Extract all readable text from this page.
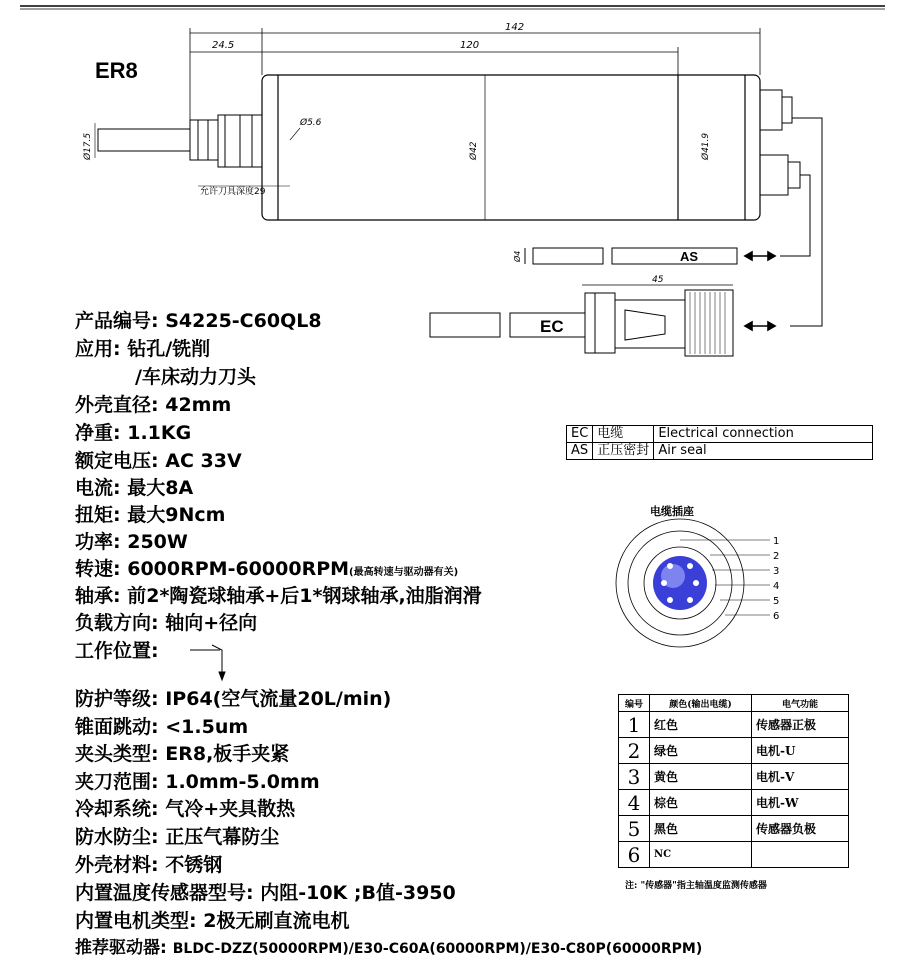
ER8
142
24.5	120
Ø17.5
Ø5.6
Ø42	Ø41.9
允许刀具深度29
Ø4	AS
45
EC
1
2
3
4
5
6
产品编号: S4225-C60QL8
应用: 钻孔/铣削
/车床动力刀头
外壳直径: 42mm
净重: 1.1KG
额定电压: AC 33V
电流: 最大8A
扭矩: 最大9Ncm
功率: 250W
转速: 6000RPM-60000RPM(最高转速与驱动器有关)
轴承: 前2*陶瓷球轴承+后1*钢球轴承,油脂润滑
负载方向: 轴向+径向
工作位置:
防护等级: IP64(空气流量20L/min)
锥面跳动: <1.5um
夹头类型: ER8,板手夹紧
夹刀范围: 1.0mm-5.0mm
冷却系统: 气冷+夹具散热
防水防尘: 正压气幕防尘
外壳材料: 不锈钢
内置温度传感器型号: 内阻-10K ;B值-3950
内置电机类型: 2极无刷直流电机
推荐驱动器: BLDC-DZZ(50000RPM)/E30-C60A(60000RPM)/E30-C80P(60000RPM)
EC	电缆	Electrical connection
AS	正压密封	Air seal
电缆插座
编号	颜色(输出电缆)	电气功能
1	红色	传感器正极
2	绿色	电机-U
3	黄色	电机-V
4	棕色	电机-W
5	黑色	传感器负极
6	NC	
注: "传感器"指主轴温度监测传感器
